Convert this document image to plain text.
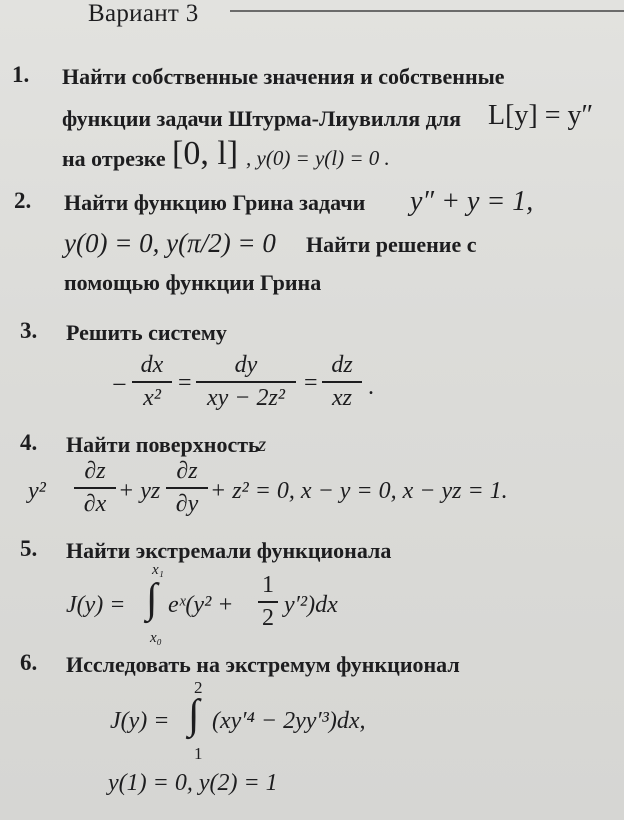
Вариант 3
1. Найти собственные значения и собственные
функции задачи Штурма-Лиувилля для L[y] = y″
на отрезке [0, l] , y(0) = y(l) = 0 .
2. Найти функцию Грина задачи y″ + y = 1,
y(0) = 0, y(π/2) = 0 Найти решение с
помощью функции Грина
3. Решить систему
−
dx
x²
=
dy
xy − 2z²
=
dz
xz .
4. Найти поверхность
z
y²
∂z
∂x + yz
∂z
∂y + z² = 0, x − y = 0, x − yz = 1.
5. Найти экстремали функционала
J(y) =
x₁
∫
x₀
eˣ(y² +
1
2 y′²)dx
6. Исследовать на экстремум функционал
J(y) =
2
∫
1
(xy′⁴ − 2yy′³)dx,
y(1) = 0, y(2) = 1
